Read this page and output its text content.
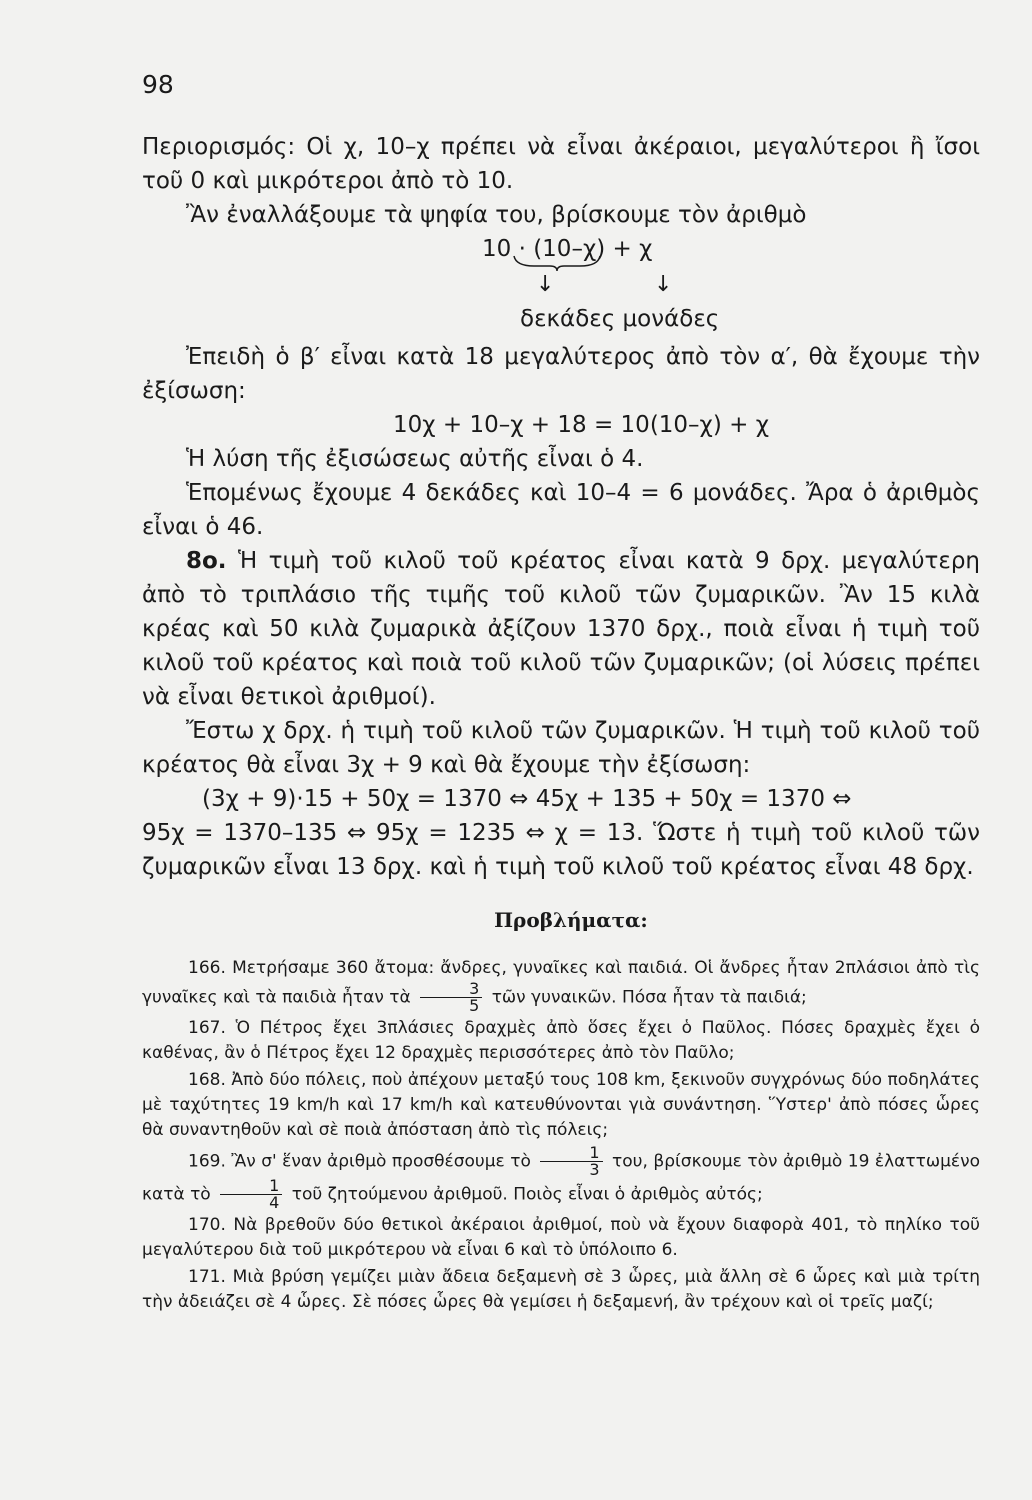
98

Περιορισμός: Οἱ χ, 10–χ πρέπει νὰ εἶναι ἀκέραιοι, μεγαλύτεροι ἢ ἴσοι τοῦ 0 καὶ μικρότεροι ἀπὸ τὸ 10.

Ἂν ἐναλλάξουμε τὰ ψηφία του, βρίσκουμε τὸν ἀριθμὸ

10 · (10–χ) + χ
↓	↓
δεκάδες μονάδες

Ἐπειδὴ ὁ β′ εἶναι κατὰ 18 μεγαλύτερος ἀπὸ τὸν α′, θὰ ἔχουμε τὴν ἐξίσωση:

10χ + 10–χ + 18 = 10(10–χ) + χ

Ἡ λύση τῆς ἐξισώσεως αὐτῆς εἶναι ὁ 4.

Ἑπομένως ἔχουμε 4 δεκάδες καὶ 10–4 = 6 μονάδες. Ἄρα ὁ ἀριθμὸς εἶναι ὁ 46.

8ο. Ἡ τιμὴ τοῦ κιλοῦ τοῦ κρέατος εἶναι κατὰ 9 δρχ. μεγαλύτερη ἀπὸ τὸ τριπλάσιο τῆς τιμῆς τοῦ κιλοῦ τῶν ζυμαρικῶν. Ἂν 15 κιλὰ κρέας καὶ 50 κιλὰ ζυμαρικὰ ἀξίζουν 1370 δρχ., ποιὰ εἶναι ἡ τιμὴ τοῦ κιλοῦ τοῦ κρέατος καὶ ποιὰ τοῦ κιλοῦ τῶν ζυμαρικῶν; (οἱ λύσεις πρέπει νὰ εἶναι θετικοὶ ἀριθμοί).

Ἔστω χ δρχ. ἡ τιμὴ τοῦ κιλοῦ τῶν ζυμαρικῶν. Ἡ τιμὴ τοῦ κιλοῦ τοῦ κρέατος θὰ εἶναι 3χ + 9 καὶ θὰ ἔχουμε τὴν ἐξίσωση:

(3χ + 9)·15 + 50χ = 1370 ⇔ 45χ + 135 + 50χ = 1370 ⇔

95χ = 1370–135 ⇔ 95χ = 1235 ⇔ χ = 13. Ὥστε ἡ τιμὴ τοῦ κιλοῦ τῶν ζυμαρικῶν εἶναι 13 δρχ. καὶ ἡ τιμὴ τοῦ κιλοῦ τοῦ κρέατος εἶναι 48 δρχ.

Προβλήματα:

166. Μετρήσαμε 360 ἄτομα: ἄνδρες, γυναῖκες καὶ παιδιά. Οἱ ἄνδρες ἦταν 2πλάσιοι ἀπὸ τὶς γυναῖκες καὶ τὰ παιδιὰ ἦταν τὰ $\frac{3}{5}$ τῶν γυναικῶν. Πόσα ἦταν τὰ παιδιά;

167. Ὁ Πέτρος ἔχει 3πλάσιες δραχμὲς ἀπὸ ὅσες ἔχει ὁ Παῦλος. Πόσες δραχμὲς ἔχει ὁ καθένας, ἂν ὁ Πέτρος ἔχει 12 δραχμὲς περισσότερες ἀπὸ τὸν Παῦλο;

168. Ἀπὸ δύο πόλεις, ποὺ ἀπέχουν μεταξύ τους 108 km, ξεκινοῦν συγχρόνως δύο ποδηλάτες μὲ ταχύτητες 19 km/h καὶ 17 km/h καὶ κατευθύνονται γιὰ συνάντηση. Ὕστερ' ἀπὸ πόσες ὧρες θὰ συναντηθοῦν καὶ σὲ ποιὰ ἀπόσταση ἀπὸ τὶς πόλεις;

169. Ἂν σ' ἕναν ἀριθμὸ προσθέσουμε τὸ $\frac{1}{3} \tau o\upsilon$, βρίσκουμε τὸν ἀριθμὸ 19 ἐλαττωμένο κατὰ τὸ $\frac{1}{4}$ τοῦ ζητούμενου ἀριθμοῦ. Ποιὸς εἶναι ὁ ἀριθμὸς αὐτός;

170. Νὰ βρεθοῦν δύο θετικοὶ ἀκέραιοι ἀριθμοί, ποὺ νὰ ἔχουν διαφορὰ 401, τὸ πηλίκο τοῦ μεγαλύτερου διὰ τοῦ μικρότερου νὰ εἶναι 6 καὶ τὸ ὑπόλοιπο 6.

171. Μιὰ βρύση γεμίζει μιὰν ἄδεια δεξαμενὴ σὲ 3 ὧρες, μιὰ ἄλλη σὲ 6 ὧρες καὶ μιὰ τρίτη τὴν ἀδειάζει σὲ 4 ὧρες. Σὲ πόσες ὧρες θὰ γεμίσει ἡ δεξαμενή, ἂν τρέχουν καὶ οἱ τρεῖς μαζί;
